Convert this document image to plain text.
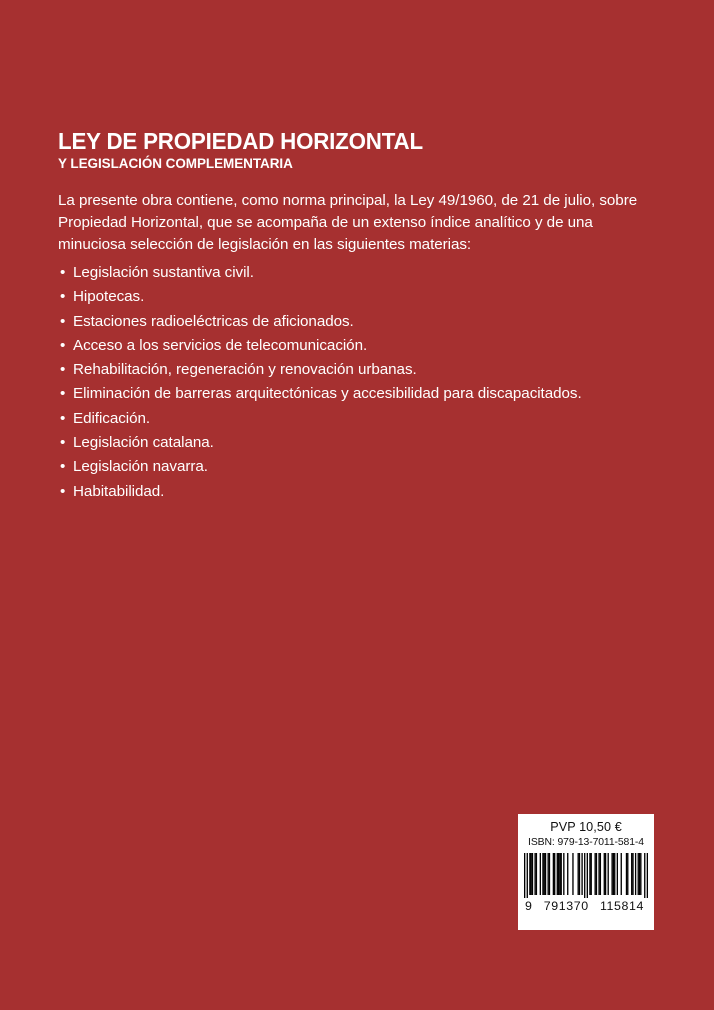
LEY DE PROPIEDAD HORIZONTAL
Y LEGISLACIÓN COMPLEMENTARIA

La presente obra contiene, como norma principal, la Ley 49/1960, de 21 de julio, sobre Propiedad Horizontal, que se acompaña de un extenso índice analítico y de una minuciosa selección de legislación en las siguientes materias:

• Legislación sustantiva civil.
• Hipotecas.
• Estaciones radioeléctricas de aficionados.
• Acceso a los servicios de telecomunicación.
• Rehabilitación, regeneración y renovación urbanas.
• Eliminación de barreras arquitectónicas y accesibilidad para discapacitados.
• Edificación.
• Legislación catalana.
• Legislación navarra.
• Habitabilidad.
PVP 10,50 €
ISBN: 979-13-7011-581-4
9 791370 115814
